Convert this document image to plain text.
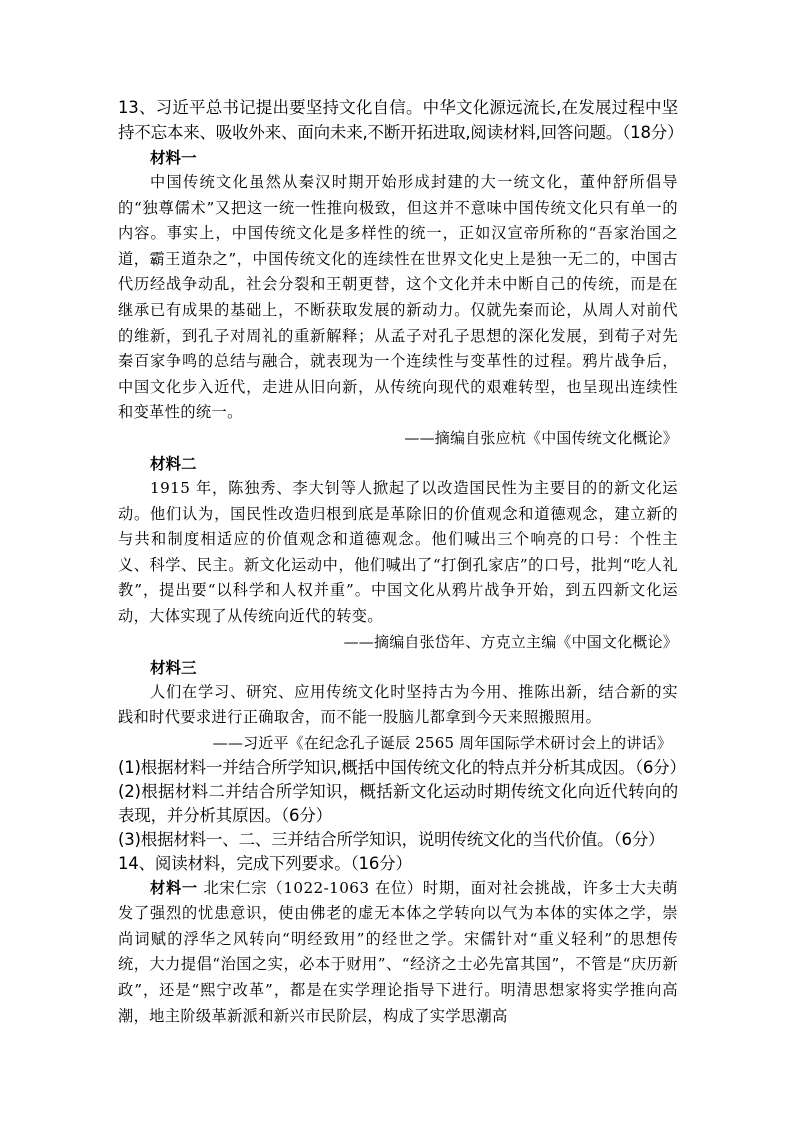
13、习近平总书记提出要坚持文化自信。中华文化源远流长,在发展过程中坚持不忘本来、吸收外来、面向未来,不断开拓进取,阅读材料,回答问题。（18分）

材料一

中国传统文化虽然从秦汉时期开始形成封建的大一统文化，董仲舒所倡导的“独尊儒术”又把这一统一性推向极致，但这并不意味中国传统文化只有单一的内容。事实上，中国传统文化是多样性的统一，正如汉宣帝所称的“吾家治国之道，霸王道杂之”，中国传统文化的连续性在世界文化史上是独一无二的，中国古代历经战争动乱，社会分裂和王朝更替，这个文化并未中断自己的传统，而是在继承已有成果的基础上，不断获取发展的新动力。仅就先秦而论，从周人对前代的维新，到孔子对周礼的重新解释；从孟子对孔子思想的深化发展，到荀子对先秦百家争鸣的总结与融合，就表现为一个连续性与变革性的过程。鸦片战争后，中国文化步入近代，走进从旧向新，从传统向现代的艰难转型，也呈现出连续性和变革性的统一。

——摘编自张应杭《中国传统文化概论》

材料二

1915 年，陈独秀、李大钊等人掀起了以改造国民性为主要目的的新文化运动。他们认为，国民性改造归根到底是革除旧的价值观念和道德观念，建立新的与共和制度相适应的价值观念和道德观念。他们喊出三个响亮的口号：个性主义、科学、民主。新文化运动中，他们喊出了“打倒孔家店”的口号，批判“吃人礼教”，提出要“以科学和人权并重”。中国文化从鸦片战争开始，到五四新文化运动，大体实现了从传统向近代的转变。

——摘编自张岱年、方克立主编《中国文化概论》

材料三

人们在学习、研究、应用传统文化时坚持古为今用、推陈出新，结合新的实践和时代要求进行正确取舍，而不能一股脑儿都拿到今天来照搬照用。

——习近平《在纪念孔子诞辰 2565 周年国际学术研讨会上的讲话》

(1)根据材料一并结合所学知识,概括中国传统文化的特点并分析其成因。（6分）

(2)根据材料二并结合所学知识，概括新文化运动时期传统文化向近代转向的表现，并分析其原因。（6分）

(3)根据材料一、二、三并结合所学知识，说明传统文化的当代价值。（6分）

14、阅读材料，完成下列要求。（16分）

材料一 北宋仁宗（1022-1063 在位）时期，面对社会挑战，许多士大夫萌发了强烈的忧患意识，使由佛老的虚无本体之学转向以气为本体的实体之学，崇尚词赋的浮华之风转向“明经致用”的经世之学。宋儒针对“重义轻利”的思想传统，大力提倡“治国之实，必本于财用”、“经济之士必先富其国”，不管是“庆历新政”，还是“熙宁改革”，都是在实学理论指导下进行。明清思想家将实学推向高潮，地主阶级革新派和新兴市民阶层，构成了实学思潮高
